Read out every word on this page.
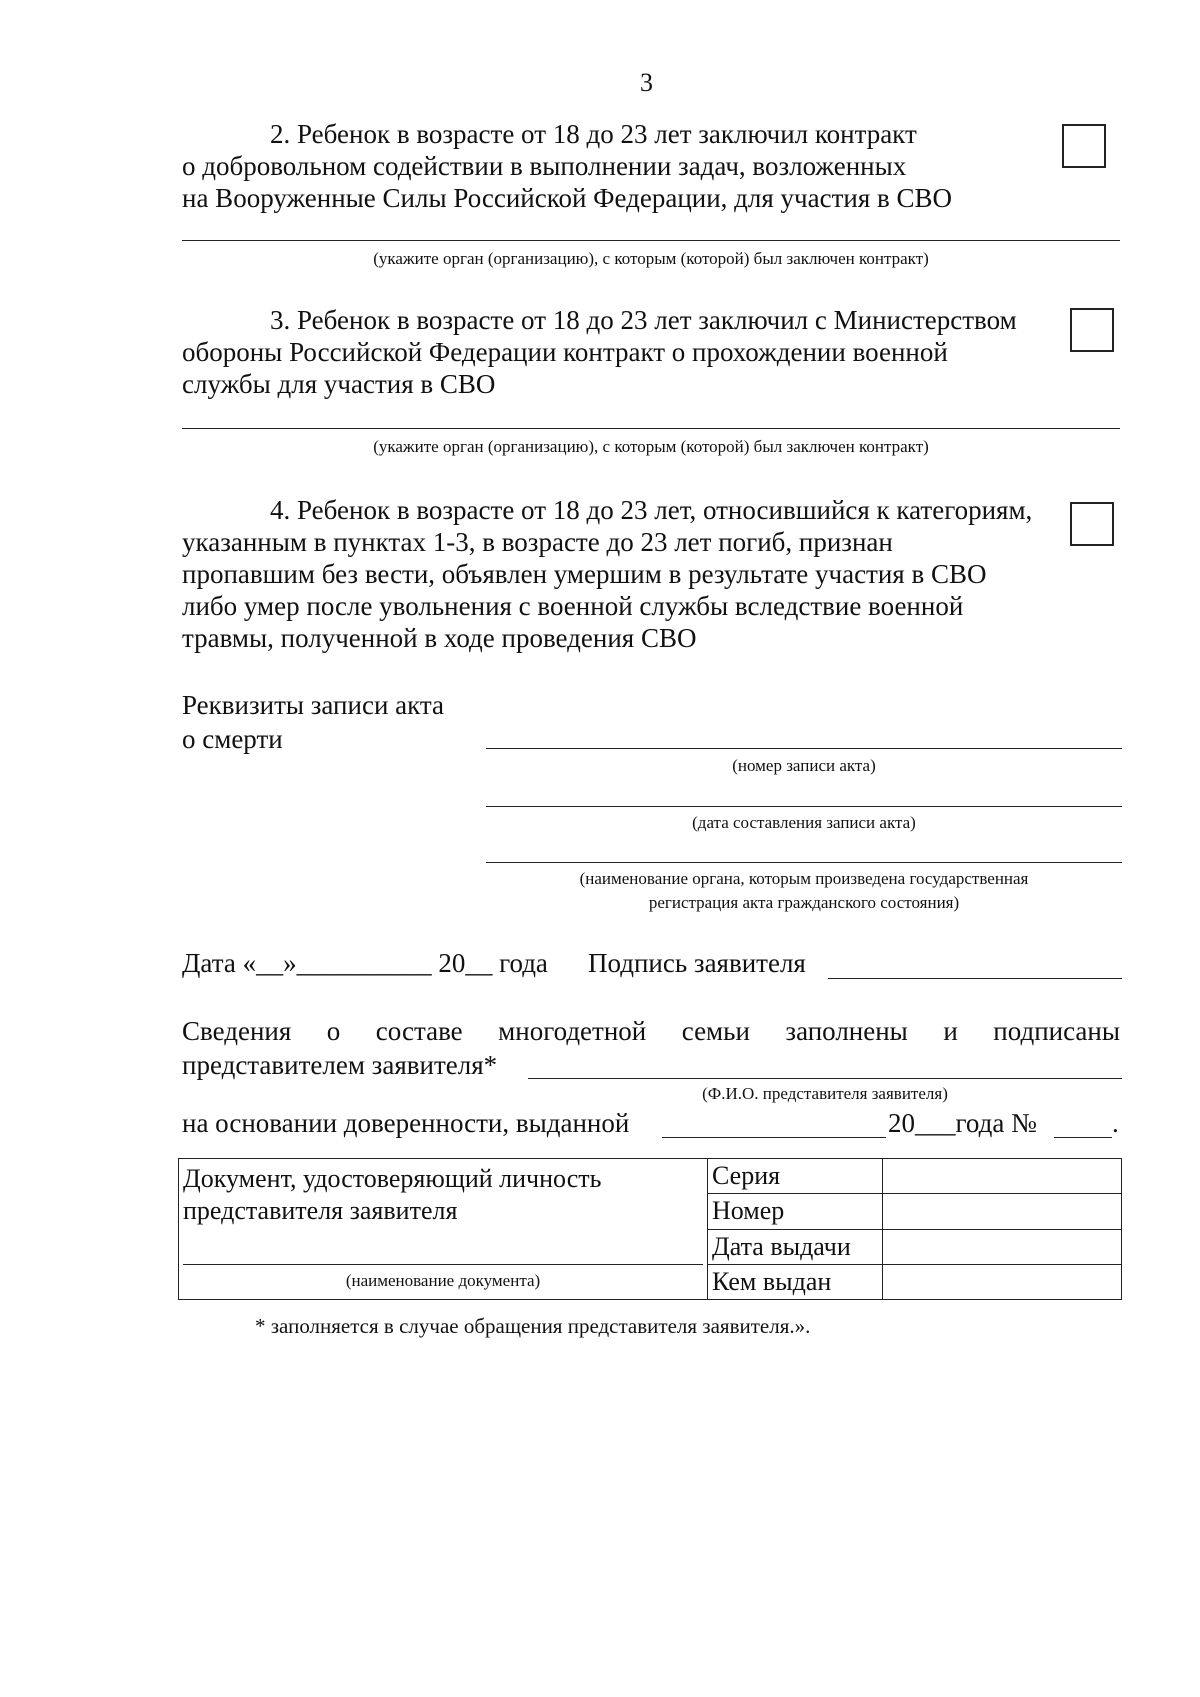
3
2. Ребенок в возрасте от 18 до 23 лет заключил контракт
о добровольном содействии в выполнении задач, возложенных
на Вооруженные Силы Российской Федерации, для участия в СВО
(укажите орган (организацию), с которым (которой) был заключен контракт)
3. Ребенок в возрасте от 18 до 23 лет заключил с Министерством
обороны Российской Федерации контракт о прохождении военной
службы для участия в СВО
(укажите орган (организацию), с которым (которой) был заключен контракт)
4. Ребенок в возрасте от 18 до 23 лет, относившийся к категориям,
указанным в пунктах 1-3, в возрасте до 23 лет погиб, признан
пропавшим без вести, объявлен умершим в результате участия в СВО
либо умер после увольнения с военной службы вследствие военной
травмы, полученной в ходе проведения СВО
Реквизиты записи акта
о смерти
(номер записи акта)
(дата составления записи акта)
(наименование органа, которым произведена государственная
регистрация акта гражданского состояния)
Дата «__»__________ 20__ года Подпись заявителя
Сведения о составе многодетной семьи заполнены и подписаны
представителем заявителя*
(Ф.И.О. представителя заявителя)
на основании доверенности, выданной	20___года №	.
Документ, удостоверяющий личность
представителя заявителя
(наименование документа)	Серия	
	Номер	
	Дата выдачи	
	Кем выдан	
* заполняется в случае обращения представителя заявителя.».
